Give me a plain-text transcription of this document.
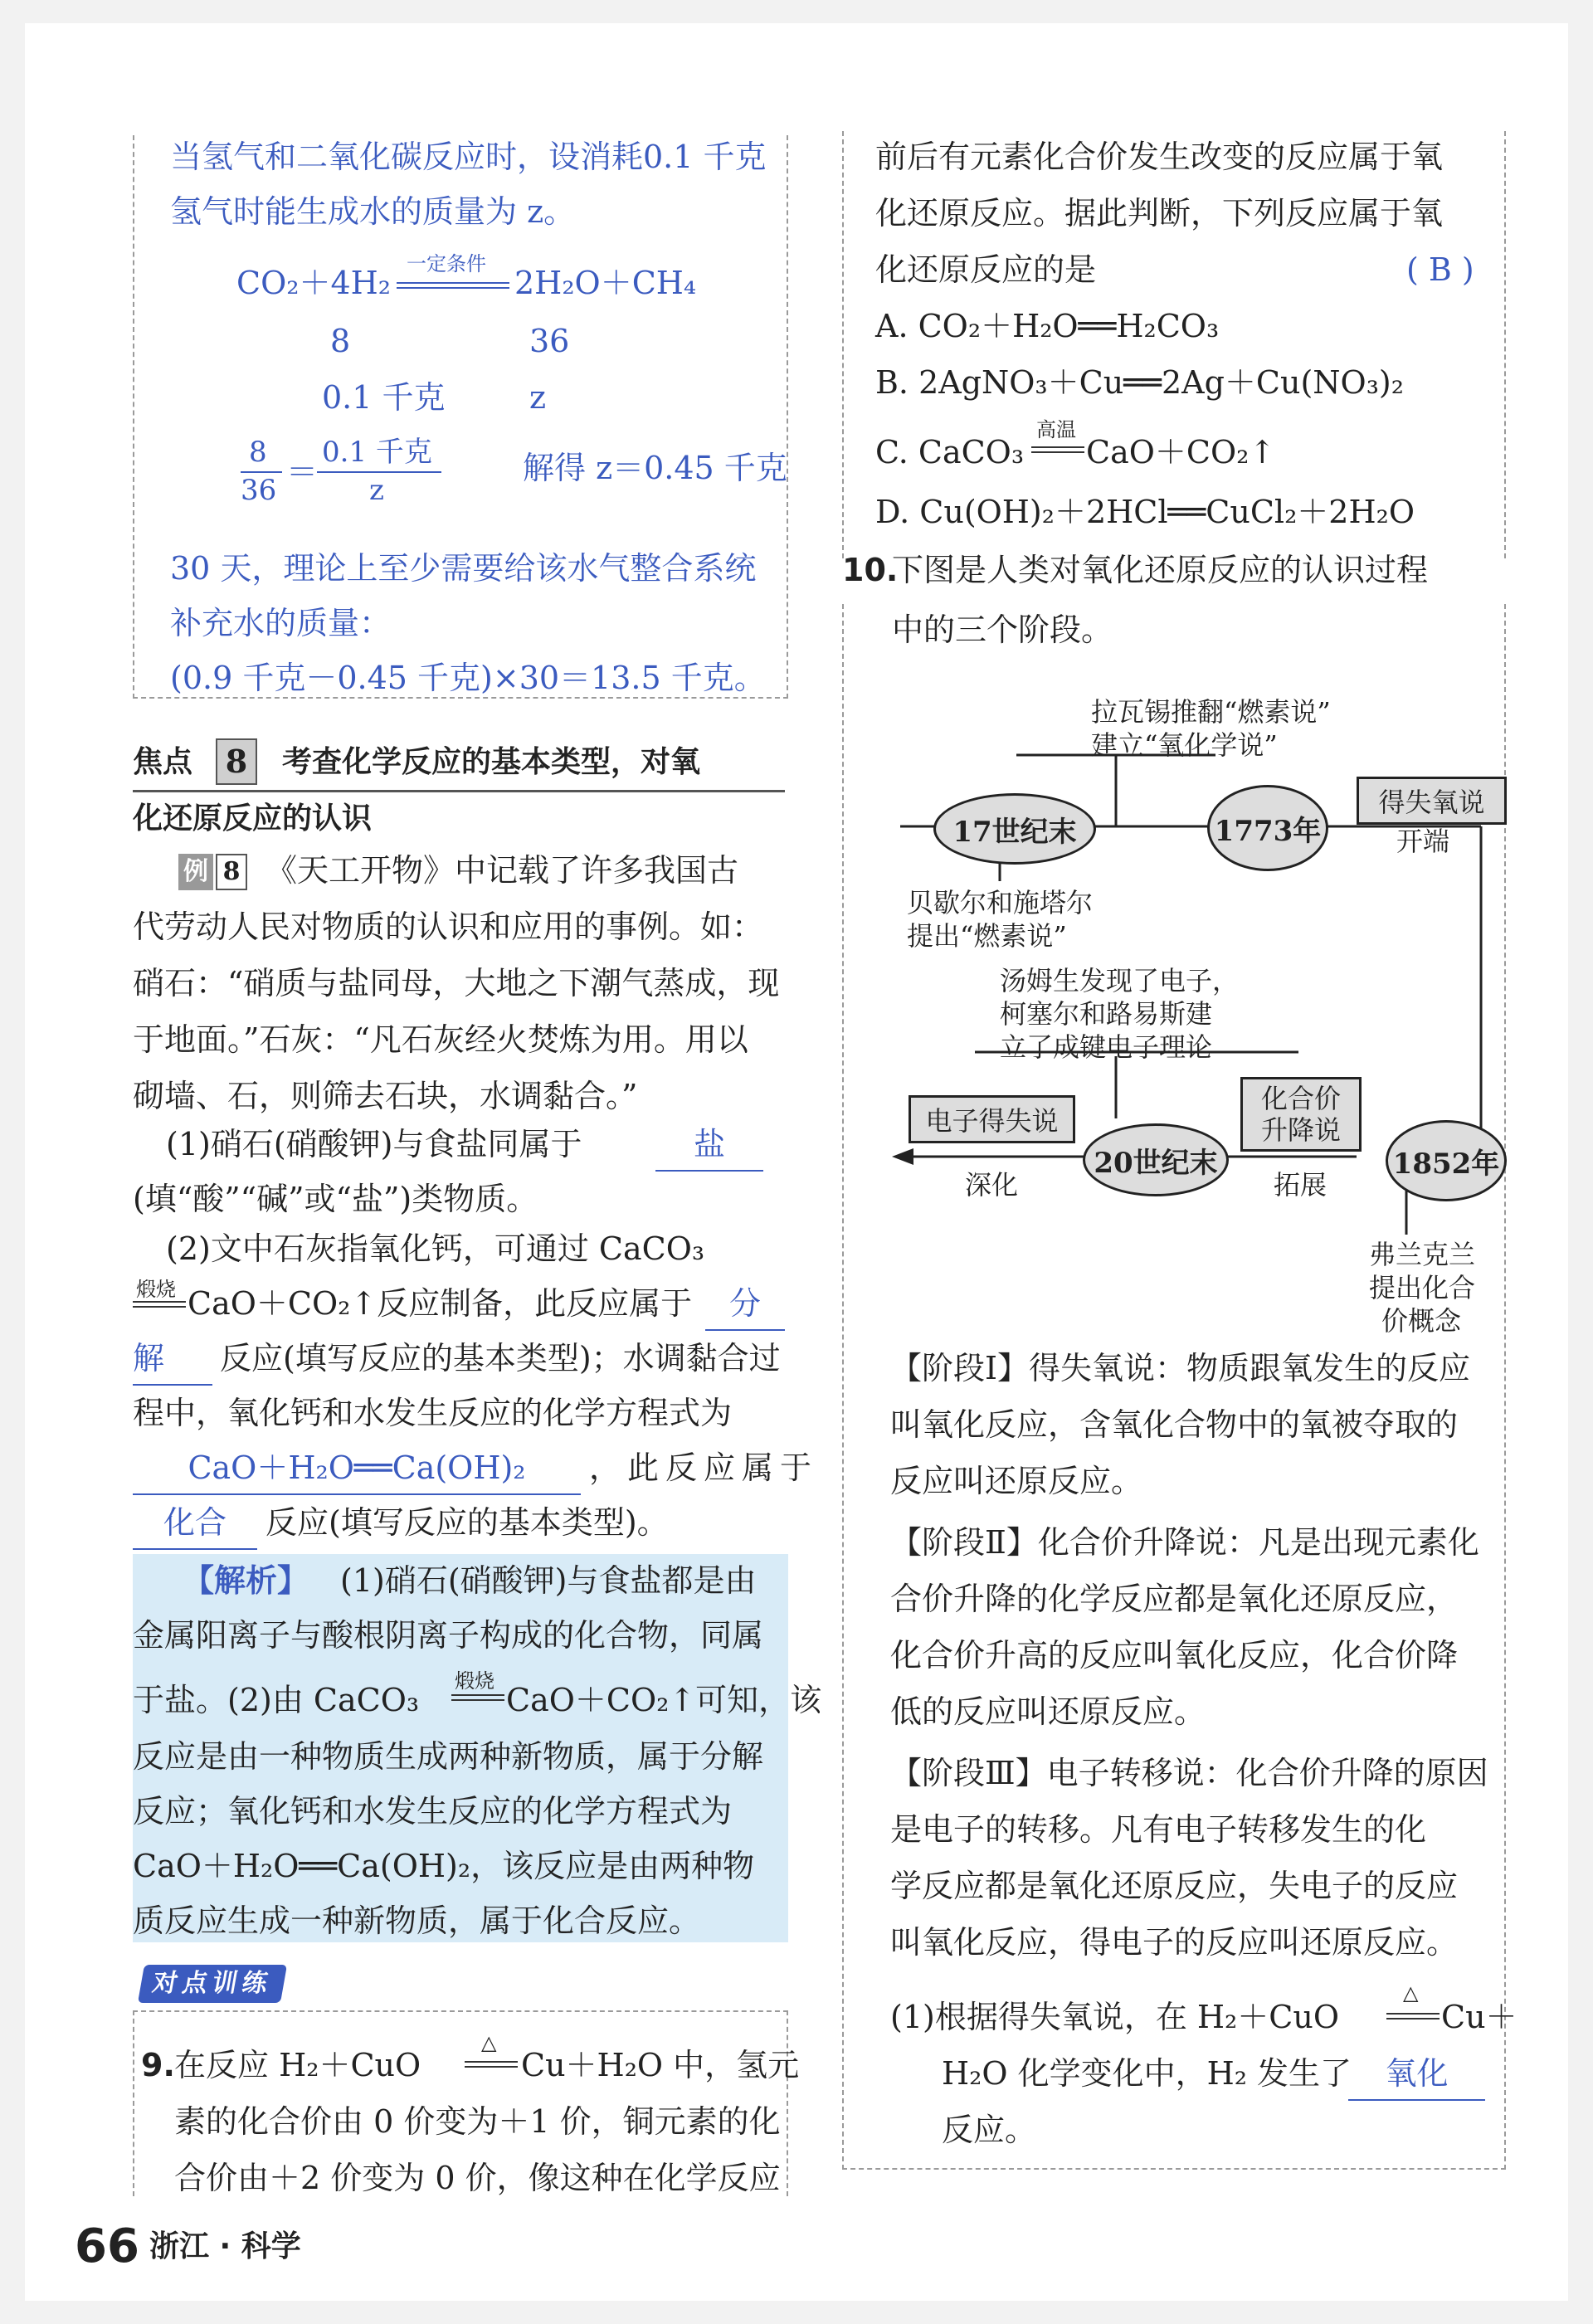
当氢气和二氧化碳反应时，设消耗0.1 千克
氢气时能生成水的质量为 z。
CO₂＋4H₂
一定条件
2H₂O＋CH₄
8	36
0.1 千克	z
8
36 ＝
0.1 千克
z
解得 z＝0.45 千克
30 天，理论上至少需要给该水气整合系统
补充水的质量：
(0.9 千克－0.45 千克)×30＝13.5 千克。
焦点	8	考查化学反应的基本类型，对氧
化还原反应的认识
例 8 《天工开物》中记载了许多我国古
代劳动人民对物质的认识和应用的事例。如：
硝石：“硝质与盐同母，大地之下潮气蒸成，现
于地面。”石灰：“凡石灰经火焚炼为用。用以
砌墙、石，则筛去石块，水调黏合。”
(1)硝石(硝酸钾)与食盐同属于	盐
(填“酸”“碱”或“盐”)类物质。
(2)文中石灰指氧化钙，可通过 CaCO₃
煅烧 CaO＋CO₂↑反应制备，此反应属于	分
解	反应(填写反应的基本类型)；水调黏合过
程中，氧化钙和水发生反应的化学方程式为
CaO＋H₂O══Ca(OH)₂	，此反应属于
化合	反应(填写反应的基本类型)。
【解析】 (1)硝石(硝酸钾)与食盐都是由
金属阳离子与酸根阴离子构成的化合物，同属
于盐。(2)由 CaCO₃
煅烧
CaO＋CO₂↑可知，该
反应是由一种物质生成两种新物质，属于分解
反应；氧化钙和水发生反应的化学方程式为
CaO＋H₂O══Ca(OH)₂，该反应是由两种物
质反应生成一种新物质，属于化合反应。
对点训练
9. 在反应 H₂＋CuO
△
Cu＋H₂O 中，氢元
素的化合价由 0 价变为＋1 价，铜元素的化
合价由＋2 价变为 0 价，像这种在化学反应
66 浙江 · 科学
前后有元素化合价发生改变的反应属于氧
化还原反应。据此判断，下列反应属于氧
化还原反应的是	( B )
A. CO₂＋H₂O══H₂CO₃
B. 2AgNO₃＋Cu══2Ag＋Cu(NO₃)₂
C. CaCO₃
高温
CaO＋CO₂↑
D. Cu(OH)₂＋2HCl══CuCl₂＋2H₂O
10.
下图是人类对氧化还原反应的认识过程
中的三个阶段。
拉瓦锡推翻“燃素说”
建立“氧化学说”
17世纪末	1773年
得失氧说
开端
贝歇尔和施塔尔
提出“燃素说”
汤姆生发现了电子，
柯塞尔和路易斯建
立了成键电子理论
电子得失说
化合价
升降说
20世纪末	1852年
深化	拓展
弗兰克兰
提出化合
价概念
【阶段Ⅰ】得失氧说：物质跟氧发生的反应
叫氧化反应，含氧化合物中的氧被夺取的
反应叫还原反应。
【阶段Ⅱ】化合价升降说：凡是出现元素化
合价升降的化学反应都是氧化还原反应，
化合价升高的反应叫氧化反应，化合价降
低的反应叫还原反应。
【阶段Ⅲ】电子转移说：化合价升降的原因
是电子的转移。凡有电子转移发生的化
学反应都是氧化还原反应，失电子的反应
叫氧化反应，得电子的反应叫还原反应。
(1)根据得失氧说，在 H₂＋CuO
△
Cu＋
H₂O 化学变化中，H₂ 发生了	氧化
反应。
